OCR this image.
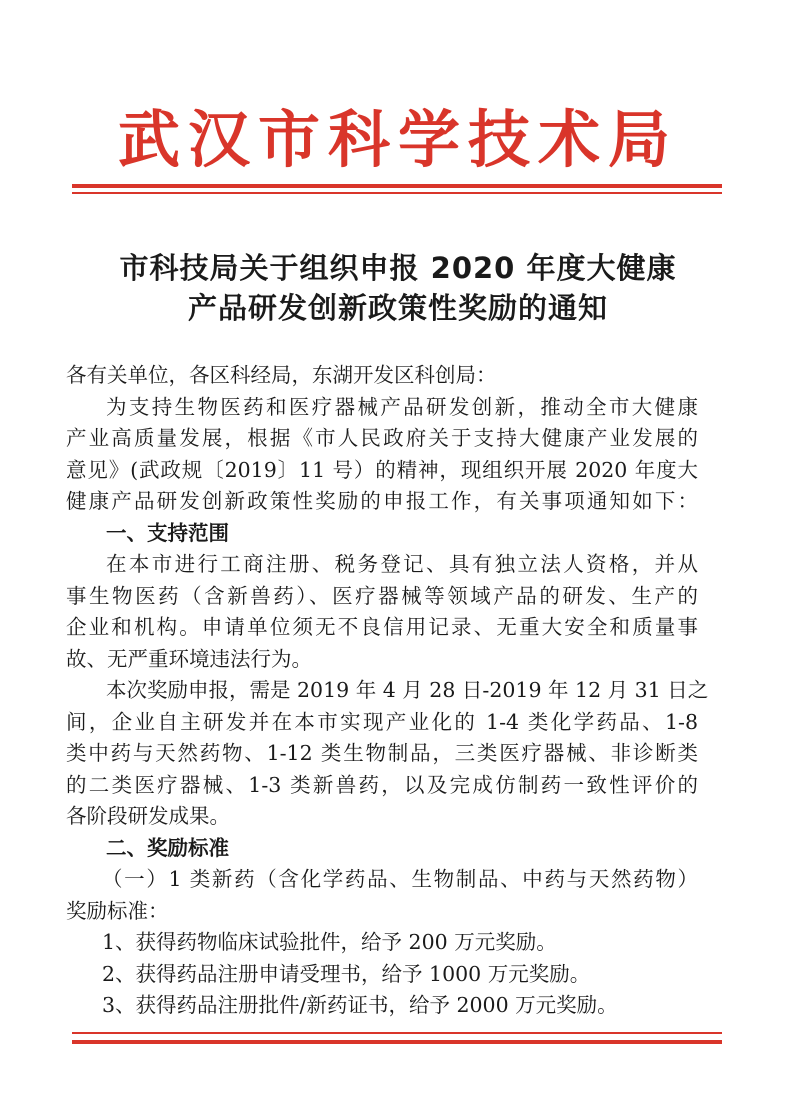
武汉市科学技术局
市科技局关于组织申报 2020 年度大健康
产品研发创新政策性奖励的通知
各有关单位，各区科经局，东湖开发区科创局：
为支持生物医药和医疗器械产品研发创新，推动全市大健康
产业高质量发展，根据《市人民政府关于支持大健康产业发展的
意见》(武政规〔2019〕11 号）的精神，现组织开展 2020 年度大
健康产品研发创新政策性奖励的申报工作，有关事项通知如下：
一、支持范围
在本市进行工商注册、税务登记、具有独立法人资格，并从
事生物医药（含新兽药）、医疗器械等领域产品的研发、生产的
企业和机构。申请单位须无不良信用记录、无重大安全和质量事
故、无严重环境违法行为。
本次奖励申报，需是 2019 年 4 月 28 日-2019 年 12 月 31 日之
间，企业自主研发并在本市实现产业化的 1-4 类化学药品、1-8
类中药与天然药物、1-12 类生物制品，三类医疗器械、非诊断类
的二类医疗器械、1-3 类新兽药，以及完成仿制药一致性评价的
各阶段研发成果。
二、奖励标准
（一）1 类新药（含化学药品、生物制品、中药与天然药物）
奖励标准：
1、获得药物临床试验批件，给予 200 万元奖励。
2、获得药品注册申请受理书，给予 1000 万元奖励。
3、获得药品注册批件/新药证书，给予 2000 万元奖励。
